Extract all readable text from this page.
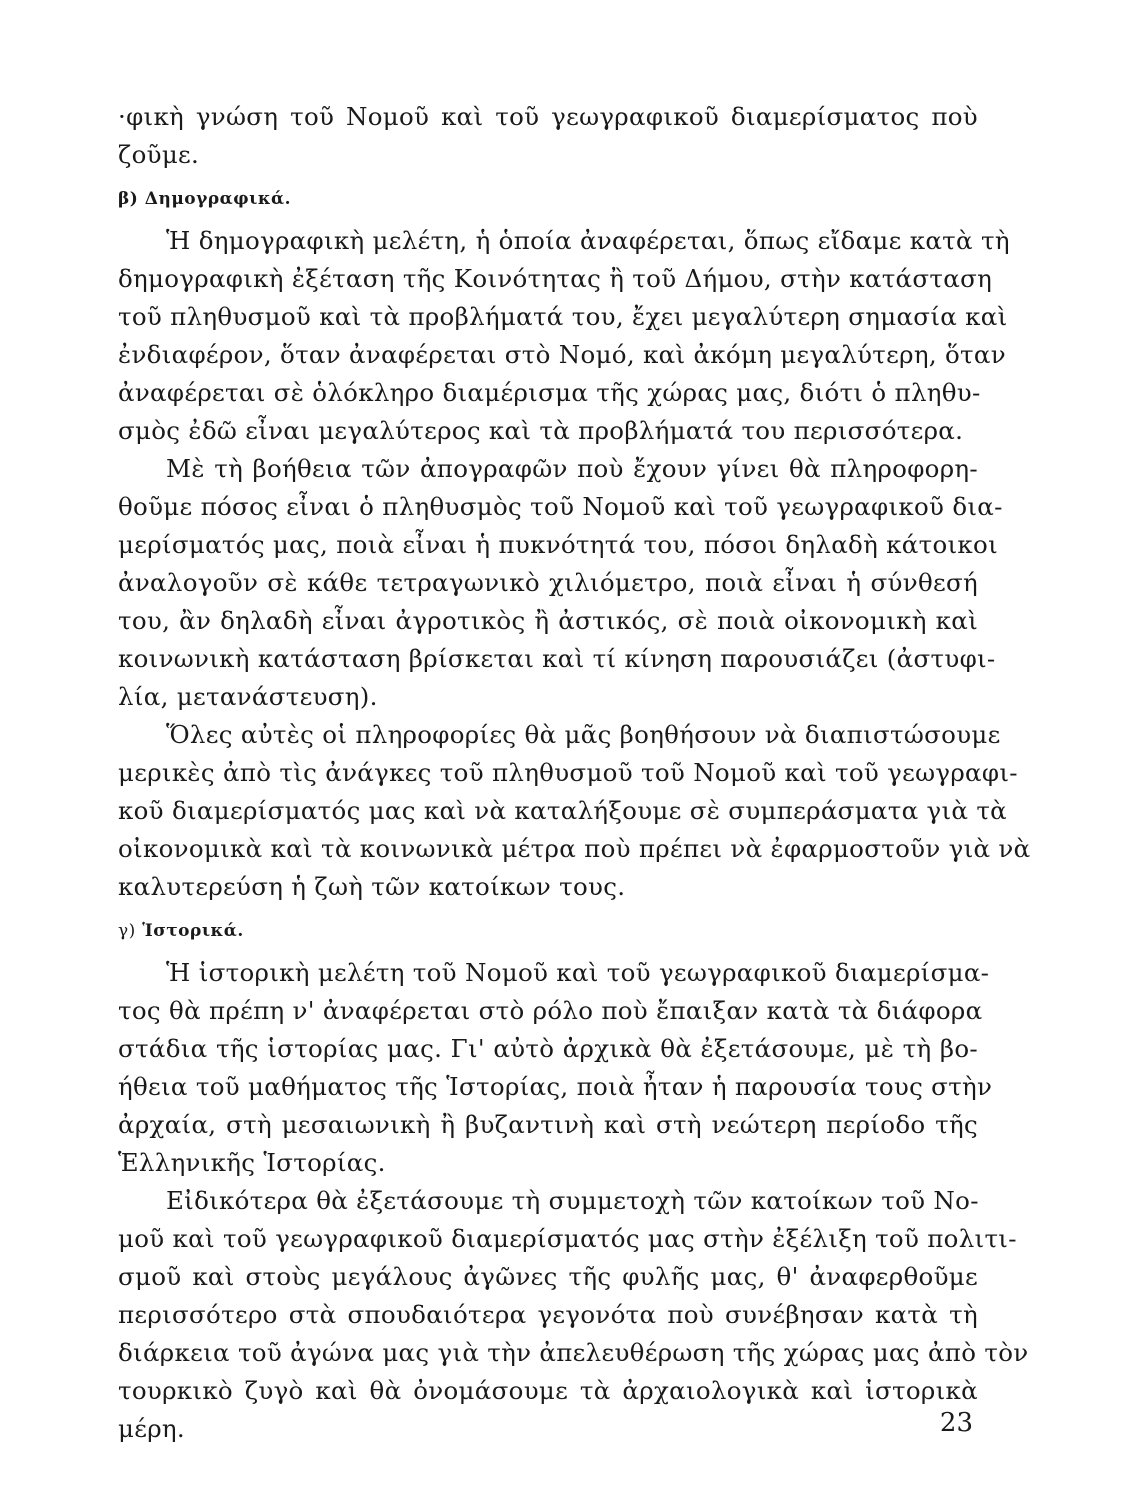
·φικὴ γνώση τοῦ Νομοῦ καὶ τοῦ γεωγραφικοῦ διαμερίσματος ποὺ
ζοῦμε.
β) Δημογραφικά.
Ἡ δημογραφικὴ μελέτη, ἡ ὁποία ἀναφέρεται, ὅπως εἴδαμε κατὰ τὴ
δημογραφικὴ ἐξέταση τῆς Κοινότητας ἢ τοῦ Δήμου, στὴν κατάσταση
τοῦ πληθυσμοῦ καὶ τὰ προβλήματά του, ἔχει μεγαλύτερη σημασία καὶ
ἐνδιαφέρον, ὅταν ἀναφέρεται στὸ Νομό, καὶ ἀκόμη μεγαλύτερη, ὅταν
ἀναφέρεται σὲ ὁλόκληρο διαμέρισμα τῆς χώρας μας, διότι ὁ πληθυ-
σμὸς ἐδῶ εἶναι μεγαλύτερος καὶ τὰ προβλήματά του περισσότερα.
Μὲ τὴ βοήθεια τῶν ἀπογραφῶν ποὺ ἔχουν γίνει θὰ πληροφορη-
θοῦμε πόσος εἶναι ὁ πληθυσμὸς τοῦ Νομοῦ καὶ τοῦ γεωγραφικοῦ δια-
μερίσματός μας, ποιὰ εἶναι ἡ πυκνότητά του, πόσοι δηλαδὴ κάτοικοι
ἀναλογοῦν σὲ κάθε τετραγωνικὸ χιλιόμετρο, ποιὰ εἶναι ἡ σύνθεσή
του, ἂν δηλαδὴ εἶναι ἀγροτικὸς ἢ ἀστικός, σὲ ποιὰ οἰκονομικὴ καὶ
κοινωνικὴ κατάσταση βρίσκεται καὶ τί κίνηση παρουσιάζει (ἀστυφι-
λία, μετανάστευση).
Ὅλες αὐτὲς οἱ πληροφορίες θὰ μᾶς βοηθήσουν νὰ διαπιστώσουμε
μερικὲς ἀπὸ τὶς ἀνάγκες τοῦ πληθυσμοῦ τοῦ Νομοῦ καὶ τοῦ γεωγραφι-
κοῦ διαμερίσματός μας καὶ νὰ καταλήξουμε σὲ συμπεράσματα γιὰ τὰ
οἰκονομικὰ καὶ τὰ κοινωνικὰ μέτρα ποὺ πρέπει νὰ ἐφαρμοστοῦν γιὰ νὰ
καλυτερεύση ἡ ζωὴ τῶν κατοίκων τους.
γ) Ἱστορικά.
Ἡ ἱστορικὴ μελέτη τοῦ Νομοῦ καὶ τοῦ γεωγραφικοῦ διαμερίσμα-
τος θὰ πρέπη ν' ἀναφέρεται στὸ ρόλο ποὺ ἔπαιξαν κατὰ τὰ διάφορα
στάδια τῆς ἱστορίας μας. Γι' αὐτὸ ἀρχικὰ θὰ ἐξετάσουμε, μὲ τὴ βο-
ήθεια τοῦ μαθήματος τῆς Ἱστορίας, ποιὰ ἦταν ἡ παρουσία τους στὴν
ἀρχαία, στὴ μεσαιωνικὴ ἢ βυζαντινὴ καὶ στὴ νεώτερη περίοδο τῆς
Ἑλληνικῆς Ἱστορίας.
Εἰδικότερα θὰ ἐξετάσουμε τὴ συμμετοχὴ τῶν κατοίκων τοῦ Νο-
μοῦ καὶ τοῦ γεωγραφικοῦ διαμερίσματός μας στὴν ἐξέλιξη τοῦ πολιτι-
σμοῦ καὶ στοὺς μεγάλους ἀγῶνες τῆς φυλῆς μας, θ' ἀναφερθοῦμε
περισσότερο στὰ σπουδαιότερα γεγονότα ποὺ συνέβησαν κατὰ τὴ
διάρκεια τοῦ ἀγώνα μας γιὰ τὴν ἀπελευθέρωση τῆς χώρας μας ἀπὸ τὸν
τουρκικὸ ζυγὸ καὶ θὰ ὀνομάσουμε τὰ ἀρχαιολογικὰ καὶ ἱστορικὰ
μέρη.	23
